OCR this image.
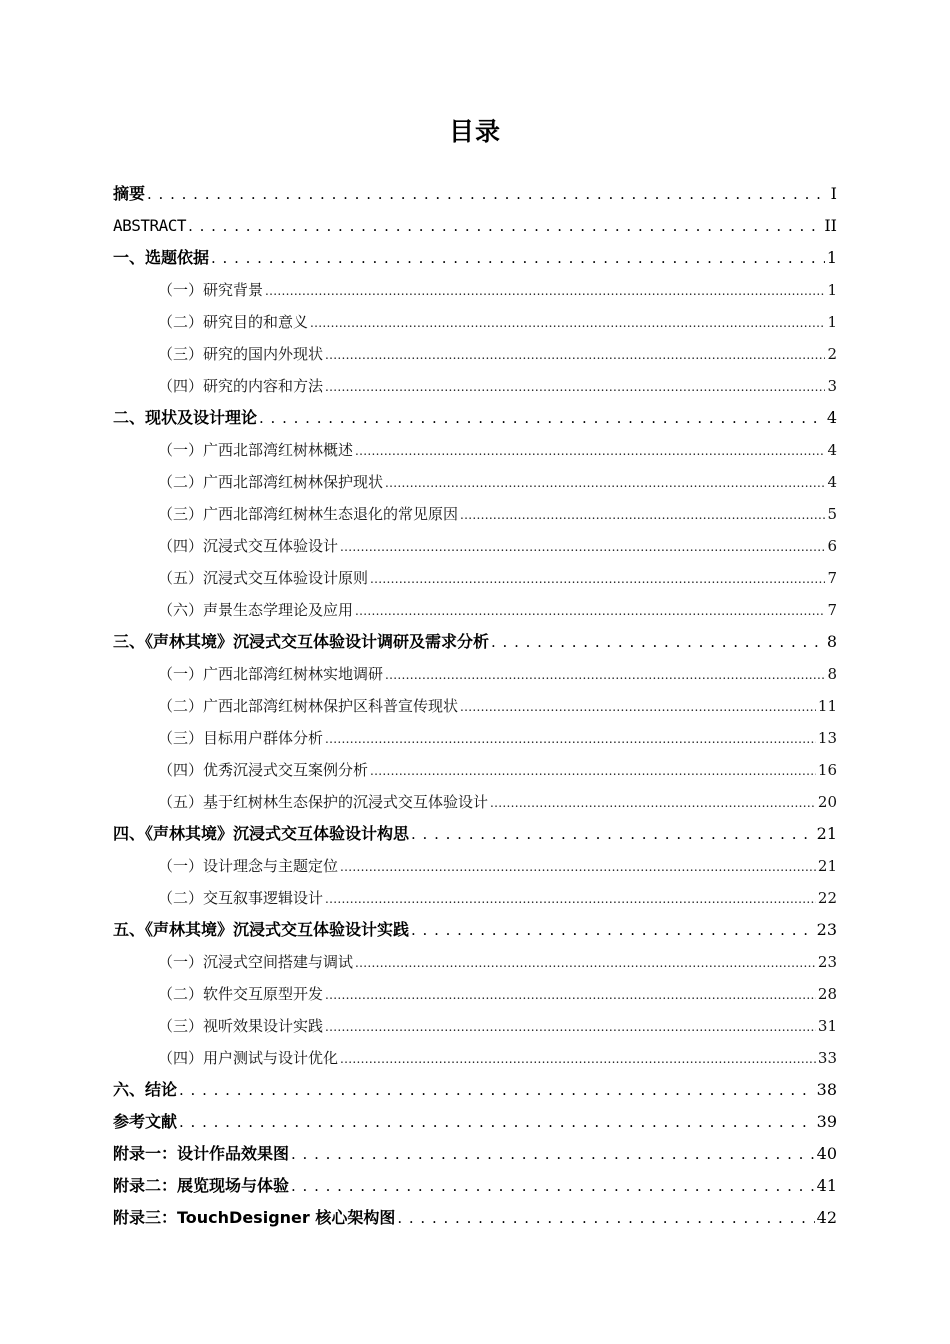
目录
摘要 . . .	I
ABSTRACT . . .	II
一、选题依据 . . .	1
（一）研究背景 .....	1
（二）研究目的和意义 .....	1
（三）研究的国内外现状 .....	2
（四）研究的内容和方法 .....	3
二、现状及设计理论 . . .	4
（一）广西北部湾红树林概述 .....	4
（二）广西北部湾红树林保护现状 .....	4
（三）广西北部湾红树林生态退化的常见原因 .....	5
（四）沉浸式交互体验设计 .....	6
（五）沉浸式交互体验设计原则 .....	7
（六）声景生态学理论及应用 .....	7
三、《声林其境》沉浸式交互体验设计调研及需求分析 . . .	8
（一）广西北部湾红树林实地调研 .....	8
（二）广西北部湾红树林保护区科普宣传现状 .....	11
（三）目标用户群体分析 .....	13
（四）优秀沉浸式交互案例分析 .....	16
（五）基于红树林生态保护的沉浸式交互体验设计 .....	20
四、《声林其境》沉浸式交互体验设计构思 . . .	21
（一）设计理念与主题定位 .....	21
（二）交互叙事逻辑设计 .....	22
五、《声林其境》沉浸式交互体验设计实践 . . .	23
（一）沉浸式空间搭建与调试 .....	23
（二）软件交互原型开发 .....	28
（三）视听效果设计实践 .....	31
（四）用户测试与设计优化 .....	33
六、结论 . . .	38
参考文献 . . .	39
附录一：设计作品效果图 . . .	40
附录二：展览现场与体验 . . .	41
附录三：TouchDesigner 核心架构图 . . .	42
